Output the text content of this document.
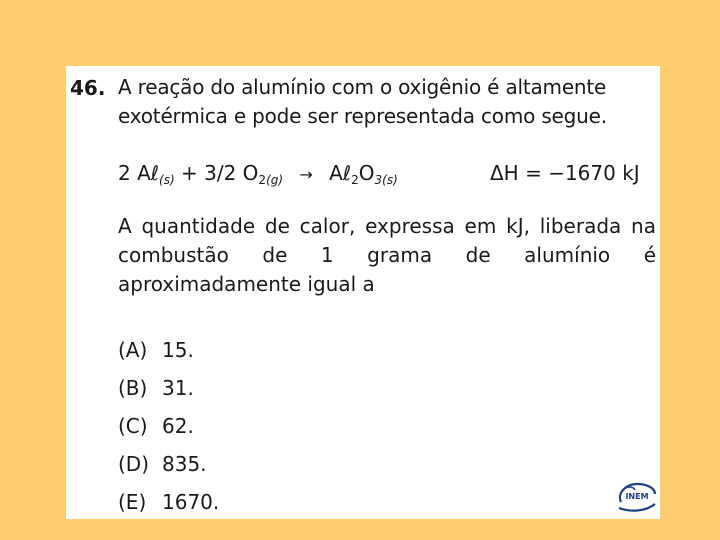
46. A reação do alumínio com o oxigênio é altamente exotérmica e pode ser representada como segue.
2 Aℓ$_{(s)}$ + 3/2 $O_{2(g)}$ → $A\ell_2O_{3(s)}$	ΔH = −1670 kJ
A quantidade de calor, expressa em kJ, liberada na combustão de 1 grama de alumínio é aproximadamente igual a
(A) 15.
(B) 31.
(C) 62.
(D) 835.
(E) 1670.	INEM
